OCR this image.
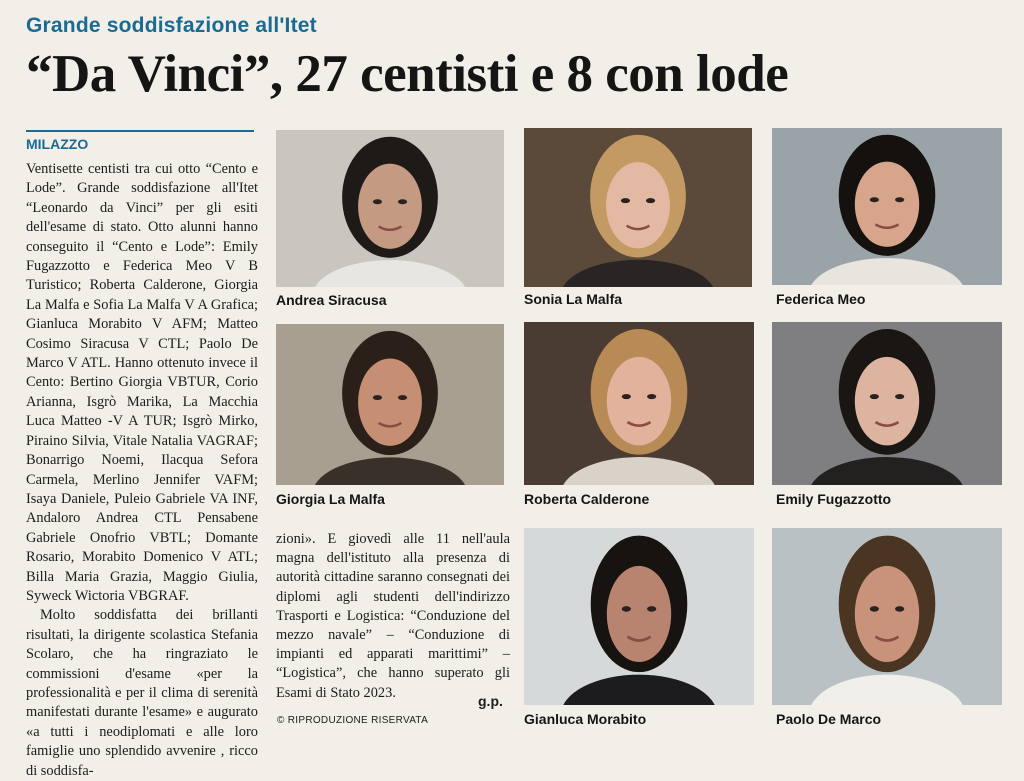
Grande soddisfazione all'Itet
“Da Vinci”, 27 centisti e 8 con lode
MILAZZO

Ventisette centisti tra cui otto “Cento e Lode”. Grande soddisfazione all'Itet “Leonardo da Vinci” per gli esiti dell'esame di stato. Otto alunni hanno conseguito il “Cento e Lode”: Emily Fugazzotto e Federica Meo V B Turistico; Roberta Calderone, Giorgia La Malfa e Sofia La Malfa V A Grafica; Gianluca Morabito V AFM; Matteo Cosimo Siracusa V CTL; Paolo De Marco V ATL. Hanno ottenuto invece il Cento: Bertino Giorgia VBTUR, Corio Arianna, Isgrò Marika, La Macchia Luca Matteo -V A TUR; Isgrò Mirko, Piraino Silvia, Vitale Natalia VAGRAF; Bonarrigo Noemi, Ilacqua Sefora Carmela, Merlino Jennifer VAFM; Isaya Daniele, Puleio Gabriele VA INF, Andaloro Andrea CTL Pensabene Gabriele Onofrio VBTL; Domante Rosario, Morabito Domenico V ATL; Billa Maria Grazia, Maggio Giulia, Syweck Wictoria VBGRAF.

Molto soddisfatta dei brillanti risultati, la dirigente scolastica Stefania Scolaro, che ha ringraziato le commissioni d'esame «per la professionalità e per il clima di serenità manifestati durante l'esame» e augurato «a tutti i neodiplomati e alle loro famiglie uno splendido avvenire , ricco di soddisfa-

zioni». E giovedì alle 11 nell'aula magna dell'istituto alla presenza di autorità cittadine saranno consegnati dei diplomi agli studenti dell'indirizzo Trasporti e Logistica: “Conduzione del mezzo navale” – “Conduzione di impianti ed apparati marittimi” – “Logistica”, che hanno superato gli Esami di Stato 2023.

g.p.
© RIPRODUZIONE RISERVATA
Andrea Siracusa	Sonia La Malfa	Federica Meo
Giorgia La Malfa	Roberta Calderone	Emily Fugazzotto
Gianluca Morabito	Paolo De Marco
